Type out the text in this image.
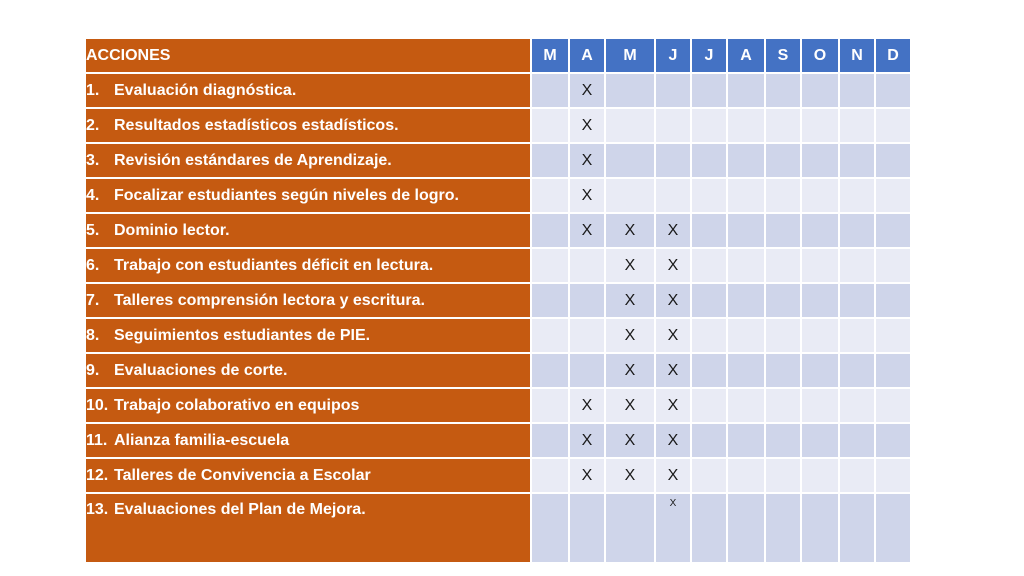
ACCIONES	M	A	M	J	J	A	S	O	N	D
1. Evaluación diagnóstica.		X								
2. Resultados estadísticos estadísticos.		X								
3. Revisión estándares de Aprendizaje.		X								
4. Focalizar estudiantes según niveles de logro.		X								
5. Dominio lector.		X	X	X						
6. Trabajo con estudiantes déficit en lectura.			X	X						
7. Talleres comprensión lectora y escritura.			X	X						
8. Seguimientos estudiantes de PIE.			X	X						
9. Evaluaciones de corte.			X	X						
10. Trabajo colaborativo en equipos		X	X	X						
11. Alianza familia-escuela		X	X	X						
12. Talleres de Convivencia a Escolar		X	X	X						
13. Evaluaciones del Plan de Mejora.				X						
